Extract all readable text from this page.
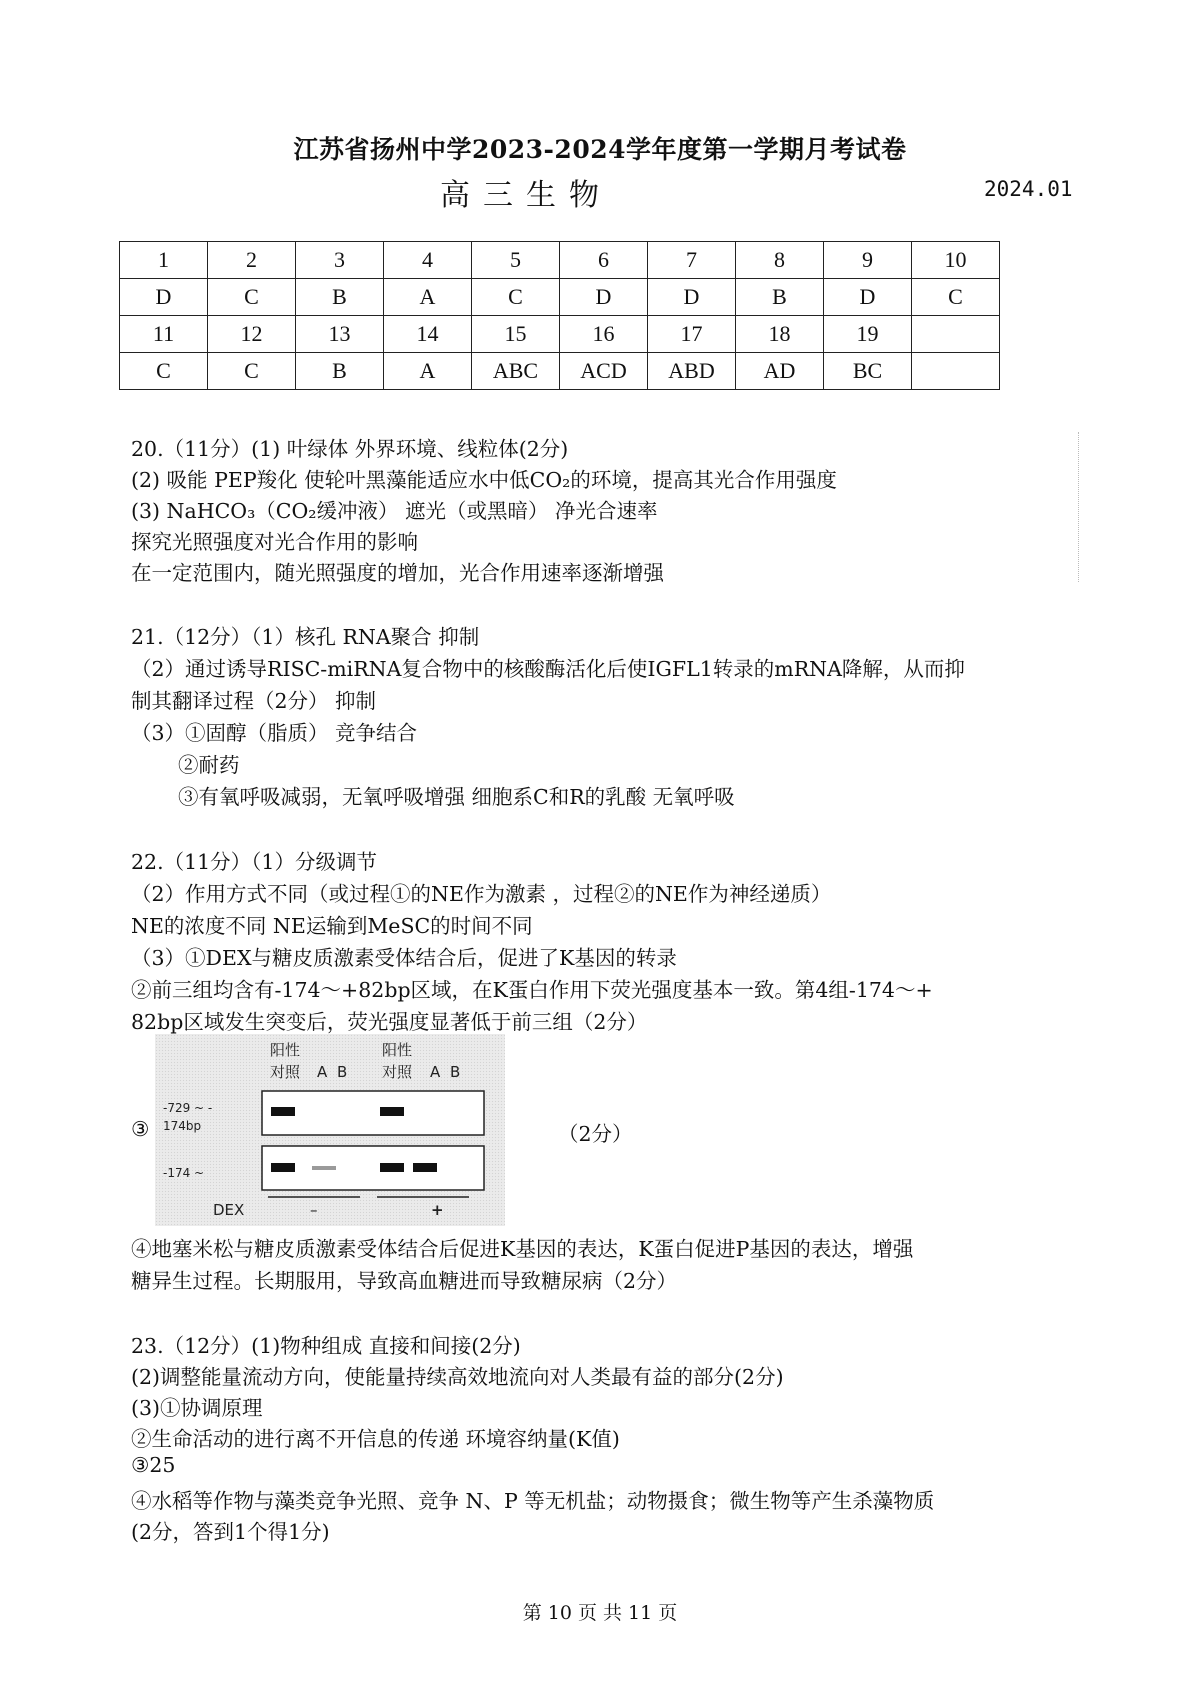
江苏省扬州中学2023-2024学年度第一学期月考试卷
高三生物	2024.01
1	2	3	4	5	6	7	8	9	10
D	C	B	A	C	D	D	B	D	C
11	12	13	14	15	16	17	18	19	
C	C	B	A	ABC	ACD	ABD	AD	BC	
20.（11分）(1) 叶绿体 外界环境、线粒体(2分)
(2) 吸能 PEP羧化 使轮叶黑藻能适应水中低CO₂的环境，提高其光合作用强度
(3) NaHCO₃（CO₂缓冲液） 遮光（或黑暗） 净光合速率
探究光照强度对光合作用的影响
在一定范围内，随光照强度的增加，光合作用速率逐渐增强
21.（12分）（1）核孔 RNA聚合 抑制
（2）通过诱导RISC-miRNA复合物中的核酸酶活化后使IGFL1转录的mRNA降解，从而抑
制其翻译过程（2分） 抑制
（3）①固醇（脂质） 竞争结合
②耐药
③有氧呼吸减弱，无氧呼吸增强 细胞系C和R的乳酸 无氧呼吸
22.（11分）（1）分级调节
（2）作用方式不同（或过程①的NE作为激素 ，过程②的NE作为神经递质）
NE的浓度不同 NE运输到MeSC的时间不同
（3）①DEX与糖皮质激素受体结合后，促进了K基因的转录
②前三组均含有-174～+82bp区域，在K蛋白作用下荧光强度基本一致。第4组-174～+
82bp区域发生突变后，荧光强度显著低于前三组（2分）
③	（2分）
阳性
对照 A B
阳性
对照 A B
-729 ~ -
174bp
-174 ~
DEX	–	+
④地塞米松与糖皮质激素受体结合后促进K基因的表达，K蛋白促进P基因的表达，增强
糖异生过程。长期服用，导致高血糖进而导致糖尿病（2分）
23.（12分）(1)物种组成 直接和间接(2分)
(2)调整能量流动方向，使能量持续高效地流向对人类最有益的部分(2分)
(3)①协调原理
②生命活动的进行离不开信息的传递 环境容纳量(K值)
③25
④水稻等作物与藻类竞争光照、竞争 N、P 等无机盐；动物摄食；微生物等产生杀藻物质
(2分，答到1个得1分)
第 10 页 共 11 页
